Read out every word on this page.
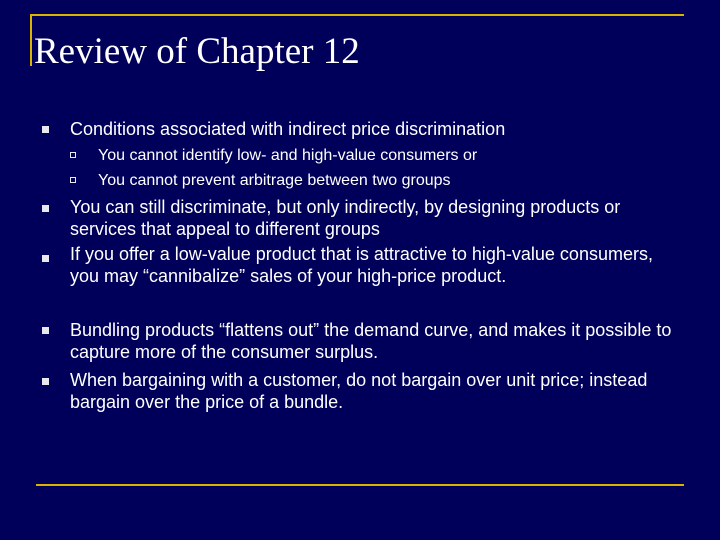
Review of Chapter 12
Conditions associated with indirect price discrimination
You cannot identify low- and high-value consumers or
You cannot prevent arbitrage between two groups
You can still discriminate, but only indirectly, by designing products or services that appeal to different groups
If you offer a low-value product that is attractive to high-value consumers, you may “cannibalize” sales of your high-price product.
Bundling products “flattens out” the demand curve, and makes it possible to capture more of the consumer surplus.
When bargaining with a customer, do not bargain over unit price; instead bargain over the price of a bundle.
